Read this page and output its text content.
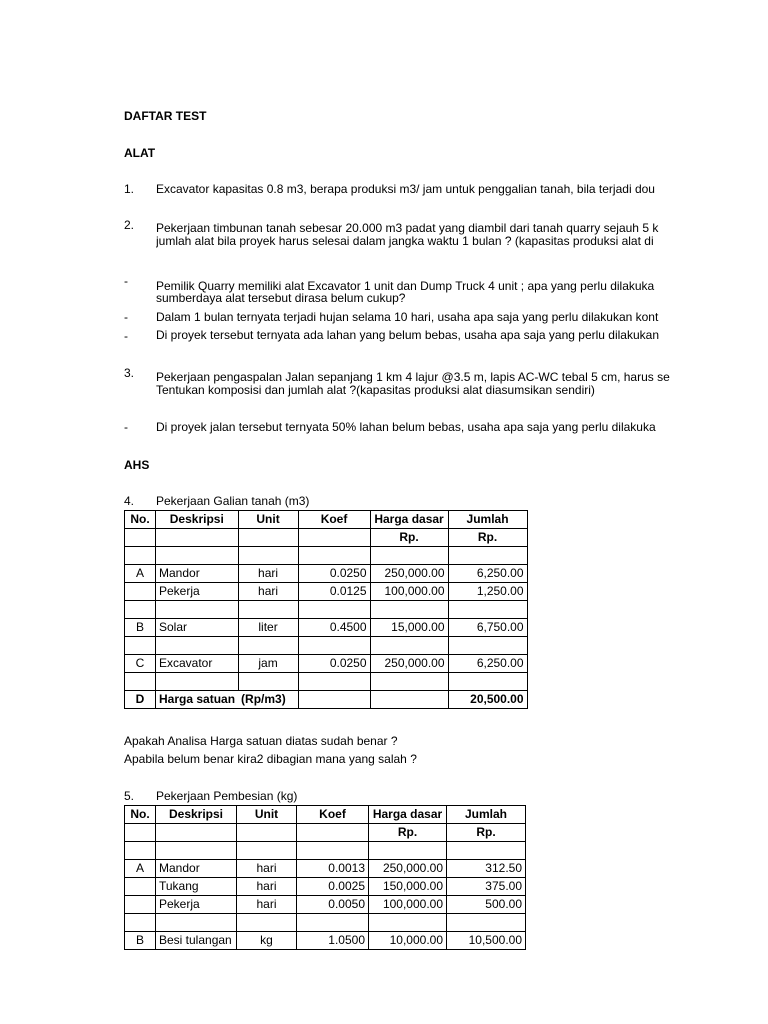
DAFTAR TEST
ALAT
1. Excavator kapasitas 0.8 m3, berapa produksi m3/ jam untuk penggalian tanah, bila terjadi dou
2. Pekerjaan timbunan tanah sebesar 20.000 m3 padat yang diambil dari tanah quarry sejauh 5 k
jumlah alat bila proyek harus selesai dalam jangka waktu 1 bulan ? (kapasitas produksi alat di
- Pemilik Quarry memiliki alat Excavator 1 unit dan Dump Truck 4 unit ; apa yang perlu dilakuka
sumberdaya alat tersebut dirasa belum cukup?
- Dalam 1 bulan ternyata terjadi hujan selama 10 hari, usaha apa saja yang perlu dilakukan kont
- Di proyek tersebut ternyata ada lahan yang belum bebas, usaha apa saja yang perlu dilakukan
3. Pekerjaan pengaspalan Jalan sepanjang 1 km 4 lajur @3.5 m, lapis AC-WC tebal 5 cm, harus se
Tentukan komposisi dan jumlah alat ?(kapasitas produksi alat diasumsikan sendiri)
- Di proyek jalan tersebut ternyata 50% lahan belum bebas, usaha apa saja yang perlu dilakuka
AHS
4. Pekerjaan Galian tanah (m3)
No.	Deskripsi	Unit	Koef	Harga dasar	Jumlah
				Rp.	Rp.

A	Mandor	hari	0.0250	250,000.00	6,250.00
	Pekerja	hari	0.0125	100,000.00	1,250.00

B	Solar	liter	0.4500	15,000.00	6,750.00

C	Excavator	jam	0.0250	250,000.00	6,250.00

D	Harga satuan	(Rp/m3)			20,500.00
Apakah Analisa Harga satuan diatas sudah benar ?
Apabila belum benar kira2 dibagian mana yang salah ?
5. Pekerjaan Pembesian (kg)
No.	Deskripsi	Unit	Koef	Harga dasar	Jumlah
				Rp.	Rp.

A	Mandor	hari	0.0013	250,000.00	312.50
	Tukang	hari	0.0025	150,000.00	375.00
	Pekerja	hari	0.0050	100,000.00	500.00

B	Besi tulangan	kg	1.0500	10,000.00	10,500.00
